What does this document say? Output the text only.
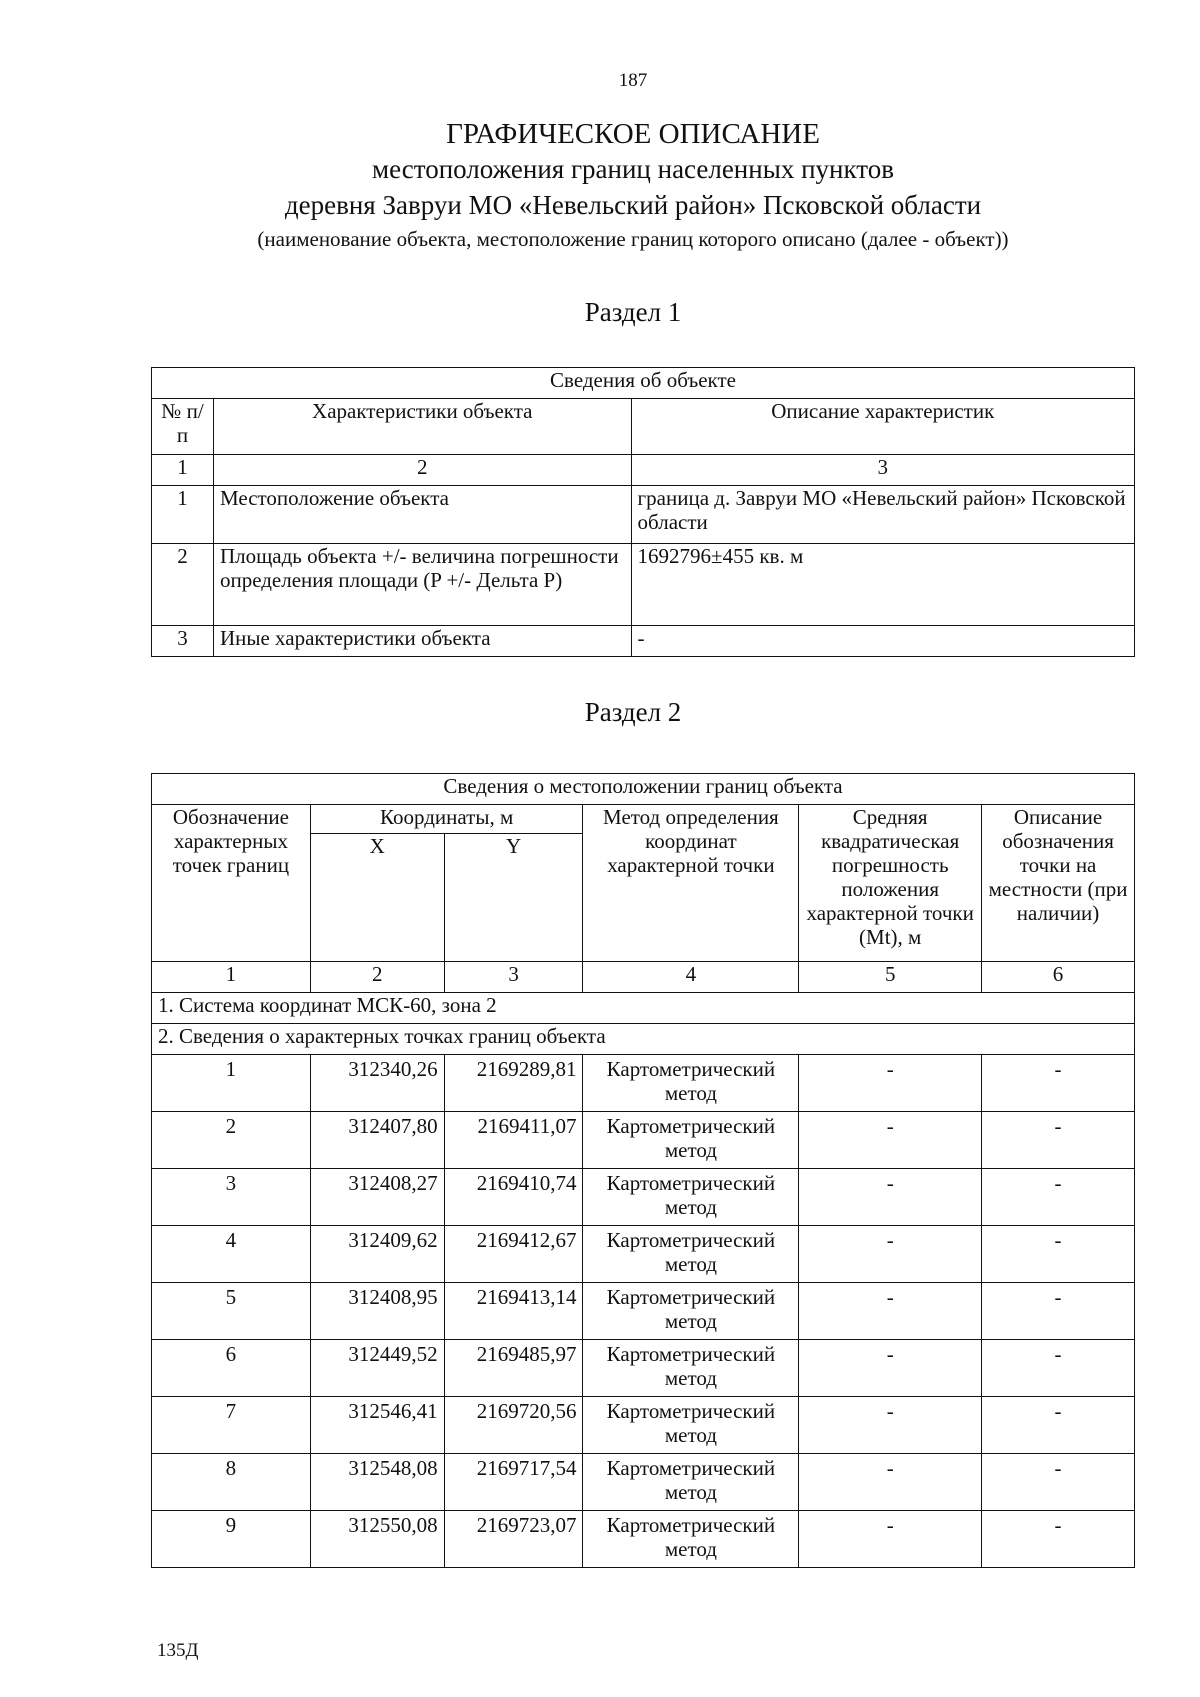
187
ГРАФИЧЕСКОЕ ОПИСАНИЕ
местоположения границ населенных пунктов
деревня Завруи МО «Невельский район» Псковской области
(наименование объекта, местоположение границ которого описано (далее - объект))
Раздел 1
Сведения об объекте		
№ п/п	Характеристики объекта	Описание характеристик
1	2	3
1	Местоположение объекта	граница д. Завруи МО «Невельский район» Псковской области
2	Площадь объекта +/- величина погрешности определения площади (P +/- Дельта P)	1692796±455 кв. м
3	Иные характеристики объекта	-
Раздел 2
Сведения о местоположении границ объекта					
Обозначение характерных точек границ	Координаты, м		Метод определения координат характерной точки	Средняя квадратическая погрешность положения характерной точки (Mt), м	Описание обозначения точки на местности (при наличии)
	X	Y			
1	2	3	4	5	6
1. Система координат МСК-60, зона 2					
2. Сведения о характерных точках границ объекта					
1	312340,26	2169289,81	Картометрический метод	-	-
2	312407,80	2169411,07	Картометрический метод	-	-
3	312408,27	2169410,74	Картометрический метод	-	-
4	312409,62	2169412,67	Картометрический метод	-	-
5	312408,95	2169413,14	Картометрический метод	-	-
6	312449,52	2169485,97	Картометрический метод	-	-
7	312546,41	2169720,56	Картометрический метод	-	-
8	312548,08	2169717,54	Картометрический метод	-	-
9	312550,08	2169723,07	Картометрический метод	-	-
135Д
